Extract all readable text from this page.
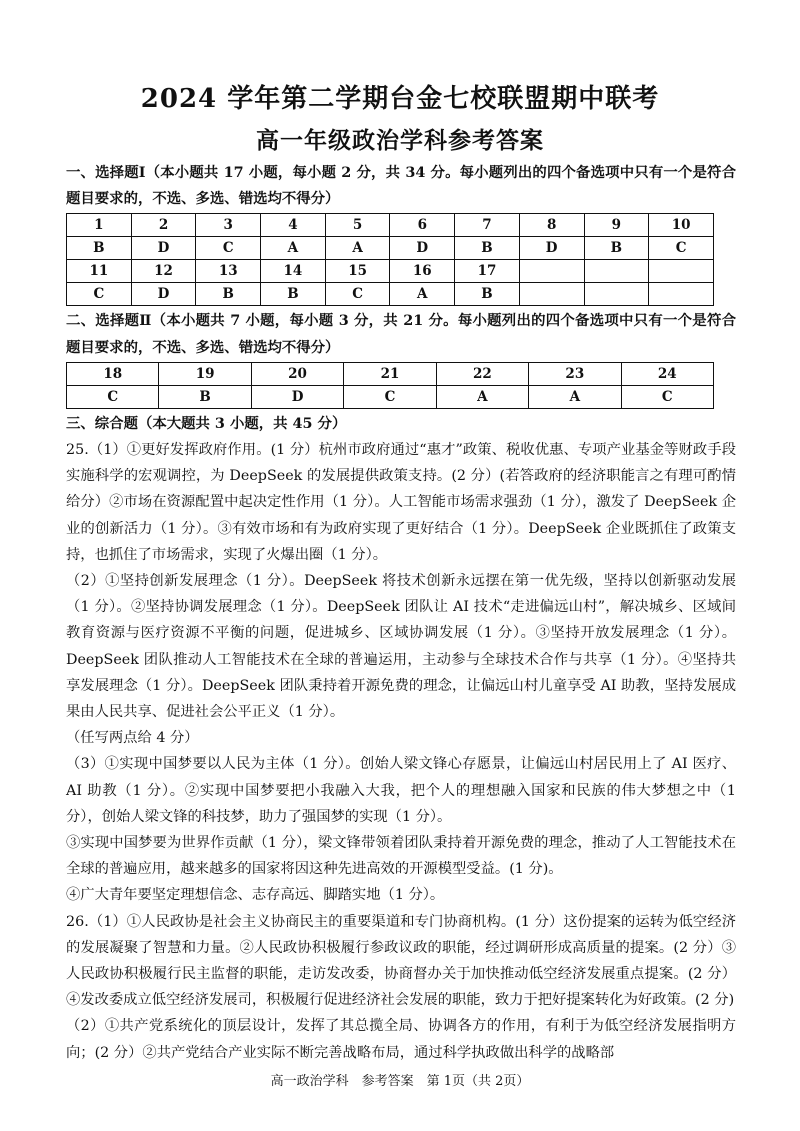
2024 学年第二学期台金七校联盟期中联考
高一年级政治学科参考答案
一、选择题Ⅰ（本小题共 17 小题，每小题 2 分，共 34 分。每小题列出的四个备选项中只有一个是符合题目要求的，不选、多选、错选均不得分）
1	2	3	4	5	6	7	8	9	10
B	D	C	A	A	D	B	D	B	C
11	12	13	14	15	16	17			
C	D	B	B	C	A	B			
二、选择题Ⅱ（本小题共 7 小题，每小题 3 分，共 21 分。每小题列出的四个备选项中只有一个是符合题目要求的，不选、多选、错选均不得分）
18	19	20	21	22	23	24
C	B	D	C	A	A	C
三、综合题（本大题共 3 小题，共 45 分）

25.（1）①更好发挥政府作用。(1 分）杭州市政府通过“惠才”政策、税收优惠、专项产业基金等财政手段实施科学的宏观调控，为 DeepSeek 的发展提供政策支持。(2 分）(若答政府的经济职能言之有理可酌情给分）②市场在资源配置中起决定性作用（1 分）。人工智能市场需求强劲（1 分），激发了 DeepSeek 企业的创新活力（1 分）。③有效市场和有为政府实现了更好结合（1 分）。DeepSeek 企业既抓住了政策支持，也抓住了市场需求，实现了火爆出圈（1 分）。

（2）①坚持创新发展理念（1 分）。DeepSeek 将技术创新永远摆在第一优先级，坚持以创新驱动发展（1 分）。②坚持协调发展理念（1 分）。DeepSeek 团队让 AI 技术“走进偏远山村”，解决城乡、区域间教育资源与医疗资源不平衡的问题，促进城乡、区域协调发展（1 分）。③坚持开放发展理念（1 分）。DeepSeek 团队推动人工智能技术在全球的普遍运用，主动参与全球技术合作与共享（1 分）。④坚持共享发展理念（1 分）。DeepSeek 团队秉持着开源免费的理念，让偏远山村儿童享受 AI 助教，坚持发展成果由人民共享、促进社会公平正义（1 分）。

（任写两点给 4 分）

（3）①实现中国梦要以人民为主体（1 分）。创始人梁文锋心存愿景，让偏远山村居民用上了 AI 医疗、AI 助教（1 分）。②实现中国梦要把小我融入大我，把个人的理想融入国家和民族的伟大梦想之中（1 分），创始人梁文锋的科技梦，助力了强国梦的实现（1 分）。

③实现中国梦要为世界作贡献（1 分），梁文锋带领着团队秉持着开源免费的理念，推动了人工智能技术在全球的普遍应用，越来越多的国家将因这种先进高效的开源模型受益。(1 分)。

④广大青年要坚定理想信念、志存高远、脚踏实地（1 分）。

26.（1）①人民政协是社会主义协商民主的重要渠道和专门协商机构。(1 分）这份提案的运转为低空经济的发展凝聚了智慧和力量。②人民政协积极履行参政议政的职能，经过调研形成高质量的提案。(2 分）③人民政协积极履行民主监督的职能，走访发改委，协商督办关于加快推动低空经济发展重点提案。(2 分）④发改委成立低空经济发展司，积极履行促进经济社会发展的职能，致力于把好提案转化为好政策。(2 分)

（2）①共产党系统化的顶层设计，发挥了其总揽全局、协调各方的作用，有利于为低空经济发展指明方向；(2 分）②共产党结合产业实际不断完善战略布局，通过科学执政做出科学的战略部

高一政治学科　参考答案　第 1页（共 2页）
